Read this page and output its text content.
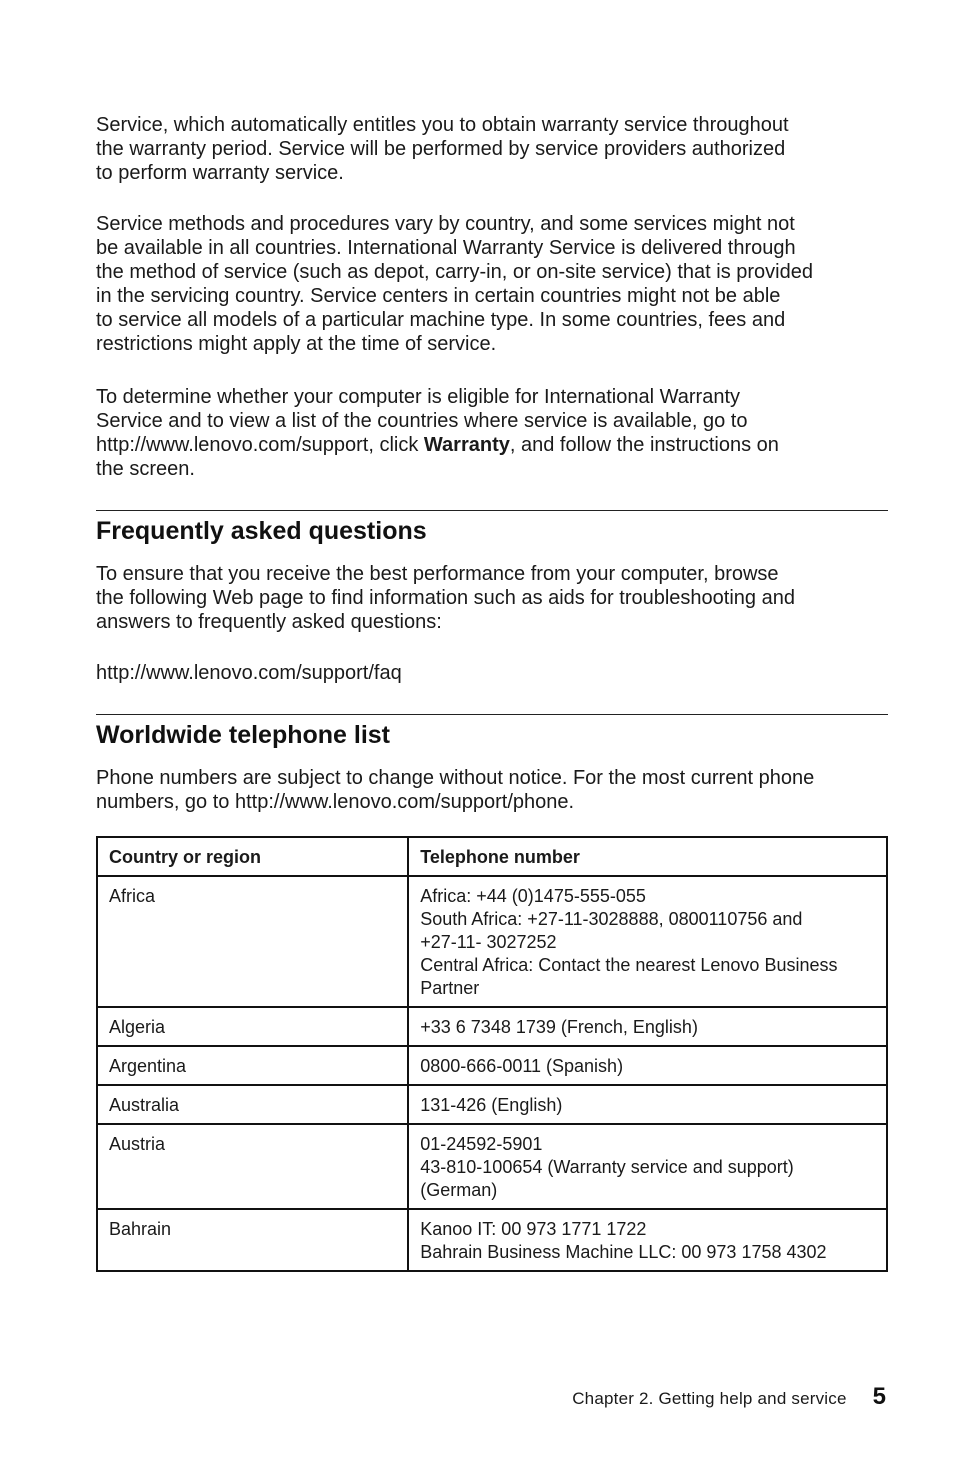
Service, which automatically entitles you to obtain warranty service throughout
the warranty period. Service will be performed by service providers authorized
to perform warranty service.

Service methods and procedures vary by country, and some services might not
be available in all countries. International Warranty Service is delivered through
the method of service (such as depot, carry-in, or on-site service) that is provided
in the servicing country. Service centers in certain countries might not be able
to service all models of a particular machine type. In some countries, fees and
restrictions might apply at the time of service.

To determine whether your computer is eligible for International Warranty
Service and to view a list of the countries where service is available, go to
http://www.lenovo.com/support, click Warranty, and follow the instructions on
the screen.

Frequently asked questions

To ensure that you receive the best performance from your computer, browse
the following Web page to find information such as aids for troubleshooting and
answers to frequently asked questions:

http://www.lenovo.com/support/faq

Worldwide telephone list

Phone numbers are subject to change without notice. For the most current phone
numbers, go to http://www.lenovo.com/support/phone.

Country or region	Telephone number
Africa	Africa: +44 (0)1475-555-055
South Africa: +27-11-3028888, 0800110756 and
+27-11- 3027252
Central Africa: Contact the nearest Lenovo Business
Partner

Algeria	+33 6 7348 1739 (French, English)

Argentina	0800-666-0011 (Spanish)

Australia	131-426 (English)

Austria	01-24592-5901
43-810-100654 (Warranty service and support)
(German)

Bahrain	Kanoo IT: 00 973 1771 1722
Bahrain Business Machine LLC: 00 973 1758 4302
Chapter 2. Getting help and service 5
